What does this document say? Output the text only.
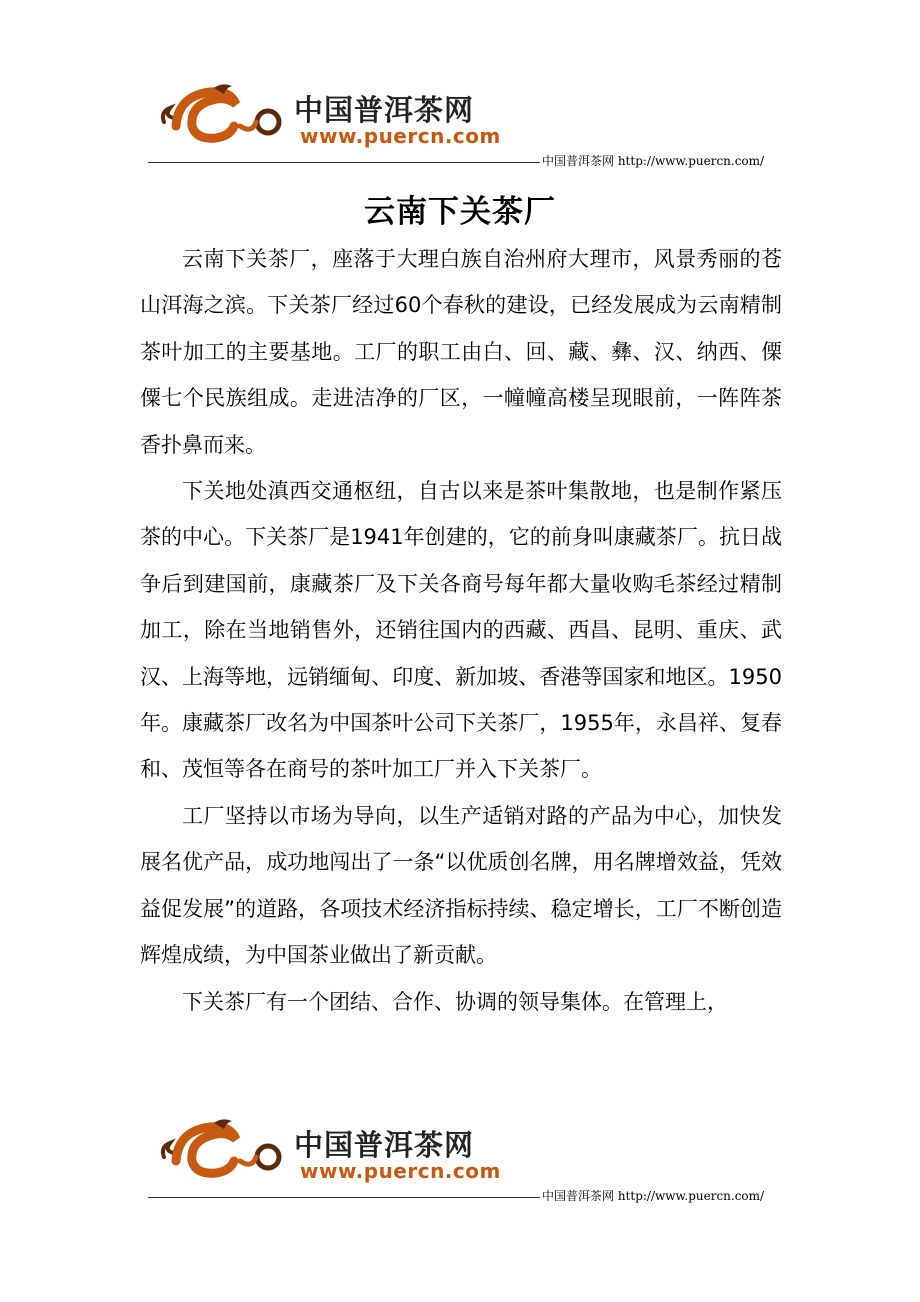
中国普洱茶网
www.puercn.com
中国普洱茶网 http://www.puercn.com/
云南下关茶厂

云南下关茶厂，座落于大理白族自治州府大理市，风景秀丽的苍山洱海之滨。下关茶厂经过60个春秋的建设，已经发展成为云南精制茶叶加工的主要基地。工厂的职工由白、回、藏、彝、汉、纳西、傈僳七个民族组成。走进洁净的厂区，一幢幢高楼呈现眼前，一阵阵茶香扑鼻而来。

下关地处滇西交通枢纽，自古以来是茶叶集散地，也是制作紧压茶的中心。下关茶厂是1941年创建的，它的前身叫康藏茶厂。抗日战争后到建国前，康藏茶厂及下关各商号每年都大量收购毛茶经过精制加工，除在当地销售外，还销往国内的西藏、西昌、昆明、重庆、武汉、上海等地，远销缅甸、印度、新加坡、香港等国家和地区。1950年。康藏茶厂改名为中国茶叶公司下关茶厂，1955年，永昌祥、复春和、茂恒等各在商号的茶叶加工厂并入下关茶厂。

工厂坚持以市场为导向，以生产适销对路的产品为中心，加快发展名优产品，成功地闯出了一条“以优质创名牌，用名牌增效益，凭效益促发展”的道路，各项技术经济指标持续、稳定增长，工厂不断创造辉煌成绩，为中国茶业做出了新贡献。

下关茶厂有一个团结、合作、协调的领导集体。在管理上，

中国普洱茶网
www.puercn.com
中国普洱茶网 http://www.puercn.com/
